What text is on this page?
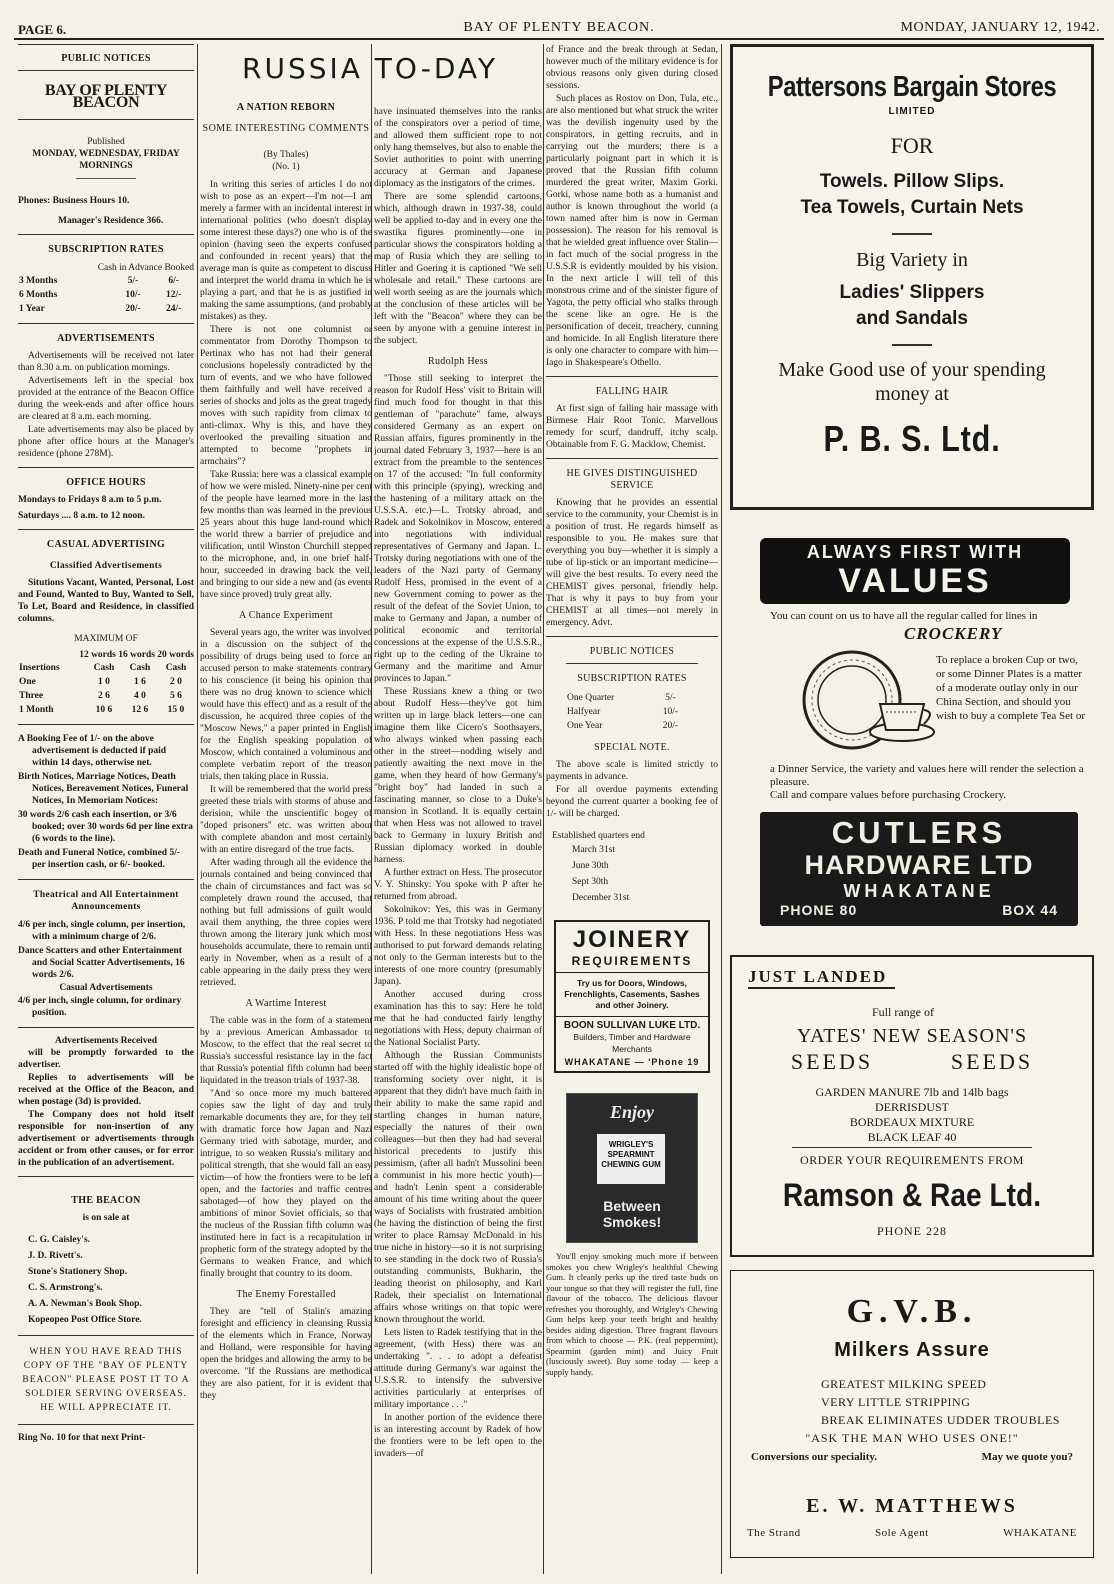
PAGE 6.	BAY OF PLENTY BEACON.	MONDAY, JANUARY 12, 1942.
PUBLIC NOTICES
BAY OF PLENTY BEACON
Published
MONDAY, WEDNESDAY, FRIDAY MORNINGS
Phones: Business Hours 10.
Manager's Residence 366.
SUBSCRIPTION RATES
Cash in Advance Booked
3 Months	5/-	6/-
6 Months	10/-	12/-
1 Year	20/-	24/-
ADVERTISEMENTS

Advertisements will be received not later than 8.30 a.m. on publication mornings.

Advertisements left in the special box provided at the entrance of the Beacon Office during the week-ends and after office hours are cleared at 8 a.m. each morning.

Late advertisements may also be placed by phone after office hours at the Manager's residence (phone 278M).

OFFICE HOURS
Mondays to Fridays 8 a.m to 5 p.m.
Saturdays .... 8 a.m. to 12 noon.
CASUAL ADVERTISING
Classified Advertisements

Situtions Vacant, Wanted, Personal, Lost and Found, Wanted to Buy, Wanted to Sell, To Let, Board and Residence, in classified columns.

MAXIMUM OF
12 words 16 words 20 words
Insertions	Cash	Cash	Cash
One	1 0	1 6	2 0
Three	2 6	4 0	5 6
1 Month	10 6	12 6	15 0
A Booking Fee of 1/- on the above advertisement is deducted if paid within 14 days, otherwise net.
Birth Notices, Marriage Notices, Death Notices, Bereavement Notices, Funeral Notices, In Memoriam Notices:
30 words 2/6 cash each insertion, or 3/6 booked; over 30 words 6d per line extra (6 words to the line).
Death and Funeral Notice, combined 5/- per insertion cash, or 6/- booked.
Theatrical and All Entertainment Announcements
4/6 per inch, single column, per insertion, with a minimum charge of 2/6.
Dance Scatters and other Entertainment and Social Scatter Advertisements, 16 words 2/6.
Casual Advertisements
4/6 per inch, single column, for ordinary position.
Advertisements Received

will be promptly forwarded to the advertiser.

Replies to advertisements will be received at the Office of the Beacon, and when postage (3d) is provided.

The Company does not hold itself responsible for non-insertion of any advertisement or advertisements through accident or from other causes, or for error in the publication of an advertisement.

THE BEACON
is on sale at
C. G. Caisley's.
J. D. Rivett's.
Stone's Stationery Shop.
C. S. Armstrong's.
A. A. Newman's Book Shop.
Kopeopeo Post Office Store.

WHEN YOU HAVE READ THIS COPY OF THE "BAY OF PLENTY BEACON" PLEASE POST IT TO A SOLDIER SERVING OVERSEAS. HE WILL APPRECIATE IT.

Ring No. 10 for that next Print-
RUSSIA TO-DAY
A NATION REBORN
SOME INTERESTING COMMENTS
(By Thales)
(No. 1)

In writing this series of articles I do not wish to pose as an expert—I'm not—I am merely a farmer with an incidental interest in international politics (who doesn't display some interest these days?) one who is of the opinion (having seen the experts confused and confounded in recent years) that the average man is quite as competent to discuss and interpret the world drama in which he is playing a part, and that he is as justified in making the same assumptions, (and probably mistakes) as they.

There is not one columnist or commentator from Dorothy Thompson to Pertinax who has not had their general conclusions hopelessly contradicted by the turn of events, and we who have followed them faithfully and well have received a series of shocks and jolts as the great tragedy moves with such rapidity from climax to anti-climax. Why is this, and have they overlooked the prevailing situation and attempted to become "prophets in armchairs"?

Take Russia: here was a classical example of how we were misled. Ninety-nine per cent of the people have learned more in the last few months than was learned in the previous 25 years about this huge land-round which the world threw a barrier of prejudice and vilification, until Winston Churchill stepped to the microphone, and, in one brief half-hour, succeeded in drawing back the veil, and bringing to our side a new and (as events have since proved) truly great ally.

A Chance Experiment

Several years ago, the writer was involved in a discussion on the subject of the possibility of drugs being used to force an accused person to make statements contrary to his conscience (it being his opinion that there was no drug known to science which would have this effect) and as a result of the discussion, he acquired three copies of the "Moscow News," a paper printed in English for the English speaking population of Moscow, which contained a voluminous and complete verbatim report of the treason trials, then taking place in Russia.

It will be remembered that the world press greeted these trials with storms of abuse and derision, while the unscientific bogey of "doped prisoners" etc. was written about with complete abandon and most certainly with an entire disregard of the true facts.

After wading through all the evidence the journals contained and being convinced that the chain of circumstances and fact was so completely drawn round the accused, that nothing but full admissions of guilt would avail them anything, the three copies were thrown among the literary junk which most households accumulate, there to remain until early in November, when as a result of a cable appearing in the daily press they were retrieved.

A Wartime Interest

The cable was in the form of a statement by a previous American Ambassador to Moscow, to the effect that the real secret to Russia's successful resistance lay in the fact that Russia's potential fifth column had been liquidated in the treason trials of 1937-38.

"And so once more my much battered copies saw the light of day and truly remarkable documents they are, for they tell with dramatic force how Japan and Nazi Germany tried with sabotage, murder, and intrigue, to so weaken Russia's military and political strength, that she would fall an easy victim—of how the frontiers were to be left open, and the factories and traffic centres sabotaged—of how they played on the ambitions of minor Soviet officials, so that the nucleus of the Russian fifth column was instituted here in fact is a recapitulation in prophetic form of the strategy adopted by the Germans to weaken France, and which finally brought that country to its doom.

The Enemy Forestalled

They are "tell of Stalin's amazing foresight and efficiency in cleansing Russia of the elements which in France, Norway and Holland, were responsible for having open the bridges and allowing the army to be overcome. "If the Russians are methodical they are also patient, for it is evident that they

have insinuated themselves into the ranks of the conspirators over a period of time, and allowed them sufficient rope to not only hang themselves, but also to enable the Soviet authorities to point with unerring accuracy at German and Japanese diplomacy as the instigators of the crimes.

There are some splendid cartoons, which, although drawn in 1937-38, could well be applied to-day and in every one the swastika figures prominently—one in particular shows the conspirators holding a map of Rusia which they are selling to Hitler and Goering it is captioned "We sell wholesale and retail." These cartoons are well worth seeing as are the journals which at the conclusion of these articles will be left with the "Beacon" where they can be seen by anyone with a genuine interest in the subject.

Rudolph Hess

"Those still seeking to interpret the reason for Rudolf Hess' visit to Britain will find much food for thought in that this gentleman of "parachute" fame, always considered Germany as an expert on Russian affairs, figures prominently in the journal dated February 3, 1937—here is an extract from the preamble to the sentences on 17 of the accused: "In full conformity with this principle (spying), wrecking and the hastening of a military attack on the U.S.S.A. etc.)—L. Trotsky abroad, and Radek and Sokolnikov in Moscow, entered into negotiations with individual representatives of Germany and Japan. L. Trotsky during negotiations with one of the leaders of the Nazi party of Germany Rudolf Hess, promised in the event of a new Government coming to power as the result of the defeat of the Soviet Union, to make to Germany and Japan, a number of political economic and territorial concessions at the expense of the U.S.S.R., right up to the ceding of the Ukraine to Germany and the maritime and Amur provinces to Japan."

These Russians knew a thing or two about Rudolf Hess—they've got him written up in large black letters—one can imagine them like Cicero's Soothsayers, who always winked when passing each other in the street—nodding wisely and patiently awaiting the next move in the game, when they heard of how Germany's "bright boy" had landed in such a fascinating manner, so close to a Duke's mansion in Scotland. It is equally certain that when Hess was not allowed to travel back to Germany in luxury British and Russian diplomacy worked in double harness.

A further extract on Hess. The prosecutor V. Y. Shinsky: You spoke with P after he returned from abroad.

Sokolnikov: Yes, this was in Germany 1936. P told me that Trotsky had negotiated with Hess. In these negotiations Hess was authorised to put forward demands relating not only to the German interests but to the interests of one more country (presumably Japan).

Another accused during cross examination has this to say: Here he told me that he had conducted fairly lengthy negotiations with Hess, deputy chairman of the National Socialist Party.

Although the Russian Communists started off with the highly idealistic hope of transforming society over night, it is apparent that they didn't have much faith in their ability to make the same rapid and startling changes in human nature, especially the natures of their own colleagues—but then they had had several historical precedents to justify this pessimism, (after all hadn't Mussolini been a communist in his more hectic youth)—and hadn't Lenin spent a considerable amount of his time writing about the queer ways of Socialists with frustrated ambition (he having the distinction of being the first writer to place Ramsay McDonald in his true niche in history—so it is not surprising to see standing in the dock two of Russia's outstanding communists, Bukharin, the leading theorist on philosophy, and Karl Radek, their specialist on International affairs whose writings on that topic were known throughout the world.

Lets listen to Radek testifying that in the agreement, (with Hess) there was an undertaking ". . . to adopt a defeatist attitude during Germany's war against the U.S.S.R. to intensify the subversive activities particularly at enterprises of military importance . . ."

In another portion of the evidence there is an interesting account by Radek of how the frontiers were to be left open to the invaders—of

of France and the break through at Sedan, however much of the military evidence is for obvious reasons only given during closed sessions.

Such places as Rostov on Don, Tula, etc., are also mentioned but what struck the writer was the devilish ingenuity used by the conspirators, in getting recruits, and in carrying out the murders; there is a particularly poignant part in which it is proved that the Russian fifth column murdered the great writer, Maxim Gorki. Gorki, whose name both as a humanist and author is known throughout the world (a town named after him is now in German possession). The reason for his removal is that he wielded great influence over Stalin—in fact much of the social progress in the U.S.S.R is evidently moulded by his vision. In the next article I will tell of this monstrous crime and of the sinister figure of Yagota, the petty official who stalks through the scene like an ogre. He is the personification of deceit, treachery, cunning and homicide. In all English literature there is only one character to compare with him—Iago in Shakespeare's Othello.

FALLING HAIR

At first sign of falling hair massage with Birmese Hair Root Tonic. Marvellous remedy for scurf, dandruff, itchy scalp. Obtainable from F. G. Macklow, Chemist.

HE GIVES DISTINGUISHED SERVICE

Knowing that he provides an essential service to the community, your Chemist is in a position of trust. He regards himself as responsible to you. He makes sure that everything you buy—whether it is simply a tube of lip-stick or an important medicine—will give the best results. To every need the CHEMIST gives personal, friendly help. That is why it pays to buy from your CHEMIST at all times—not merely in emergency. Advt.

PUBLIC NOTICES
SUBSCRIPTION RATES
One Quarter	5/-
Halfyear	10/-
One Year	20/-
SPECIAL NOTE.

The above scale is limited strictly to payments in advance.

For all overdue payments extending beyond the current quarter a booking fee of 1/- will be charged.

Established quarters end
March 31st
June 30th
Sept 30th
December 31st
JOINERY
REQUIREMENTS
Try us for Doors, Windows, Frenchlights, Casements, Sashes and other Joinery.
BOON SULLIVAN LUKE LTD.
Builders, Timber and Hardware Merchants
WHAKATANE — 'Phone 19
Enjoy
WRIGLEY'S SPEARMINT CHEWING GUM
Between Smokes!

You'll enjoy smoking much more if between smokes you chew Wrigley's healthful Chewing Gum. It cleanly perks up the tired taste buds on your tongue so that they will register the full, fine flavour of the tobacco. The delicious flavour refreshes you thoroughly, and Wrigley's Chewing Gum helps keep your teeth bright and healthy besides aiding digestion. Three fragrant flavours from which to choose — P.K. (real peppermint), Spearmint (garden mint) and Juicy Fruit (lusciously sweet). Buy some today — keep a supply handy.

Pattersons Bargain Stores
LIMITED
FOR
Towels. Pillow Slips.
Tea Towels, Curtain Nets
Big Variety in
Ladies' Slippers
and Sandals
Make Good use of your spending money at
P. B. S. Ltd.
ALWAYS FIRST WITH
VALUES
You can count on us to have all the regular called for lines in
CROCKERY
To replace a broken Cup or two, or some Dinner Plates is a matter of a moderate outlay only in our China Section, and should you wish to buy a complete Tea Set or
a Dinner Service, the variety and values here will render the selection a pleasure.
Call and compare values before purchasing Crockery.
CUTLERS
HARDWARE LTD
WHAKATANE
PHONE 80	BOX 44
JUST LANDED
Full range of
YATES' NEW SEASON'S
SEEDS	SEEDS
GARDEN MANURE 7lb and 14lb bags
DERRISDUST
BORDEAUX MIXTURE
BLACK LEAF 40
ORDER YOUR REQUIREMENTS FROM
Ramson & Rae Ltd.
PHONE 228
G.V.B.
Milkers Assure
GREATEST MILKING SPEED
VERY LITTLE STRIPPING
BREAK ELIMINATES UDDER TROUBLES
"ASK THE MAN WHO USES ONE!"
Conversions our speciality.	May we quote you?
E. W. MATTHEWS
The Strand	Sole Agent	WHAKATANE
